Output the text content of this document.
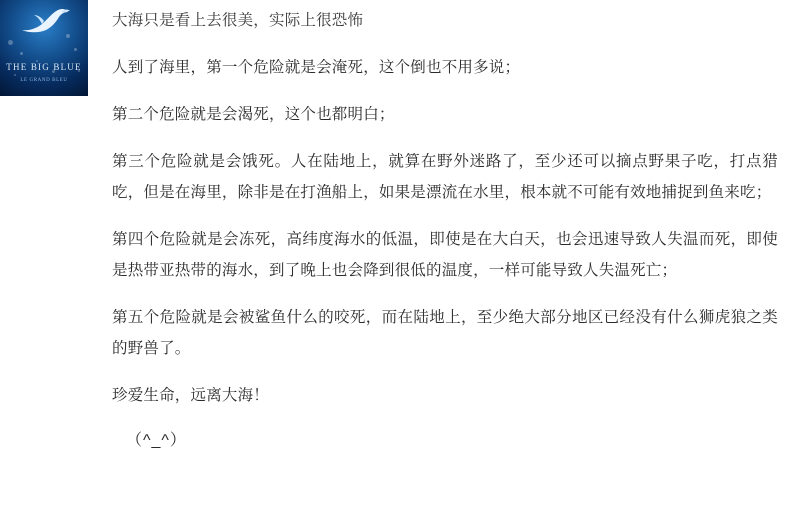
THE BIG BLUE
LE GRAND BLEU

大海只是看上去很美，实际上很恐怖

人到了海里，第一个危险就是会淹死，这个倒也不用多说；

第二个危险就是会渴死，这个也都明白；

第三个危险就是会饿死。人在陆地上，就算在野外迷路了，至少还可以摘点野果子吃，打点猎吃，但是在海里，除非是在打渔船上，如果是漂流在水里，根本就不可能有效地捕捉到鱼来吃；

第四个危险就是会冻死，高纬度海水的低温，即使是在大白天，也会迅速导致人失温而死，即使是热带亚热带的海水，到了晚上也会降到很低的温度，一样可能导致人失温死亡；

第五个危险就是会被鲨鱼什么的咬死，而在陆地上，至少绝大部分地区已经没有什么狮虎狼之类的野兽了。

珍爱生命，远离大海！

（^_^）
